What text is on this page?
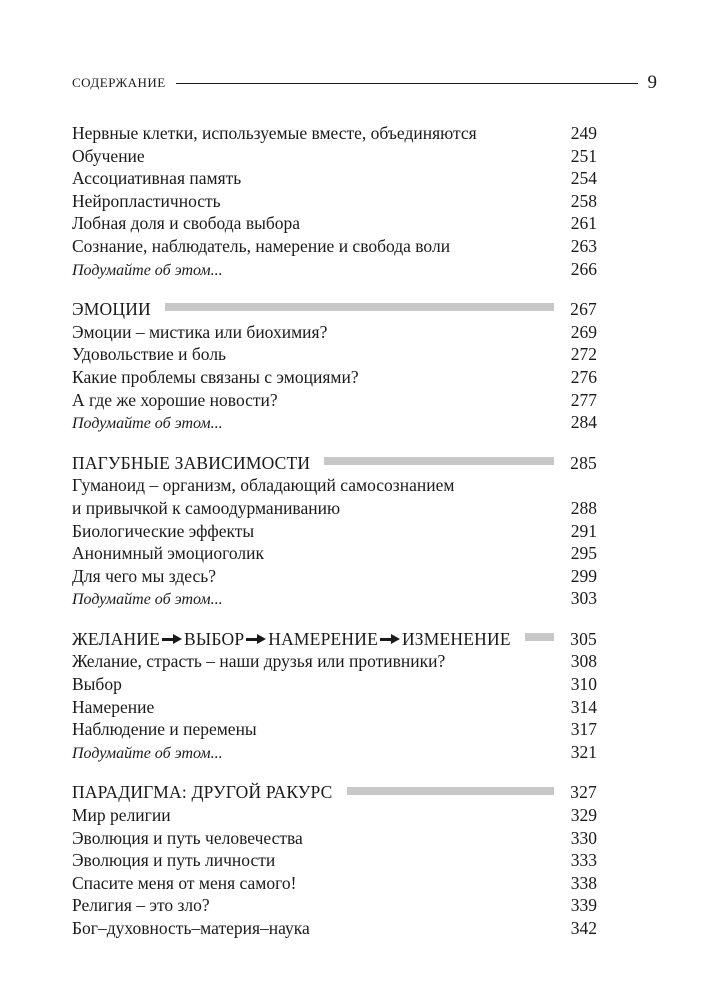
СОДЕРЖАНИЕ	9
Нервные клетки, используемые вместе, объединяются	249
Обучение	251
Ассоциативная память	254
Нейропластичность	258
Лобная доля и свобода выбора	261
Сознание, наблюдатель, намерение и свобода воли	263
Подумайте об этом...	266
ЭМОЦИИ	267
Эмоции – мистика или биохимия?	269
Удовольствие и боль	272
Какие проблемы связаны с эмоциями?	276
А где же хорошие новости?	277
Подумайте об этом...	284
ПАГУБНЫЕ ЗАВИСИМОСТИ	285
Гуманоид – организм, обладающий самосознанием
и привычкой к самоодурманиванию	288
Биологические эффекты	291
Анонимный эмоциоголик	295
Для чего мы здесь?	299
Подумайте об этом...	303
ЖЕЛАНИЕ ВЫБОР НАМЕРЕНИЕ ИЗМЕНЕНИЕ	305
Желание, страсть – наши друзья или противники?	308
Выбор	310
Намерение	314
Наблюдение и перемены	317
Подумайте об этом...	321
ПАРАДИГМА: ДРУГОЙ РАКУРС	327
Мир религии	329
Эволюция и путь человечества	330
Эволюция и путь личности	333
Спасите меня от меня самого!	338
Религия – это зло?	339
Бог–духовность–материя–наука	342
